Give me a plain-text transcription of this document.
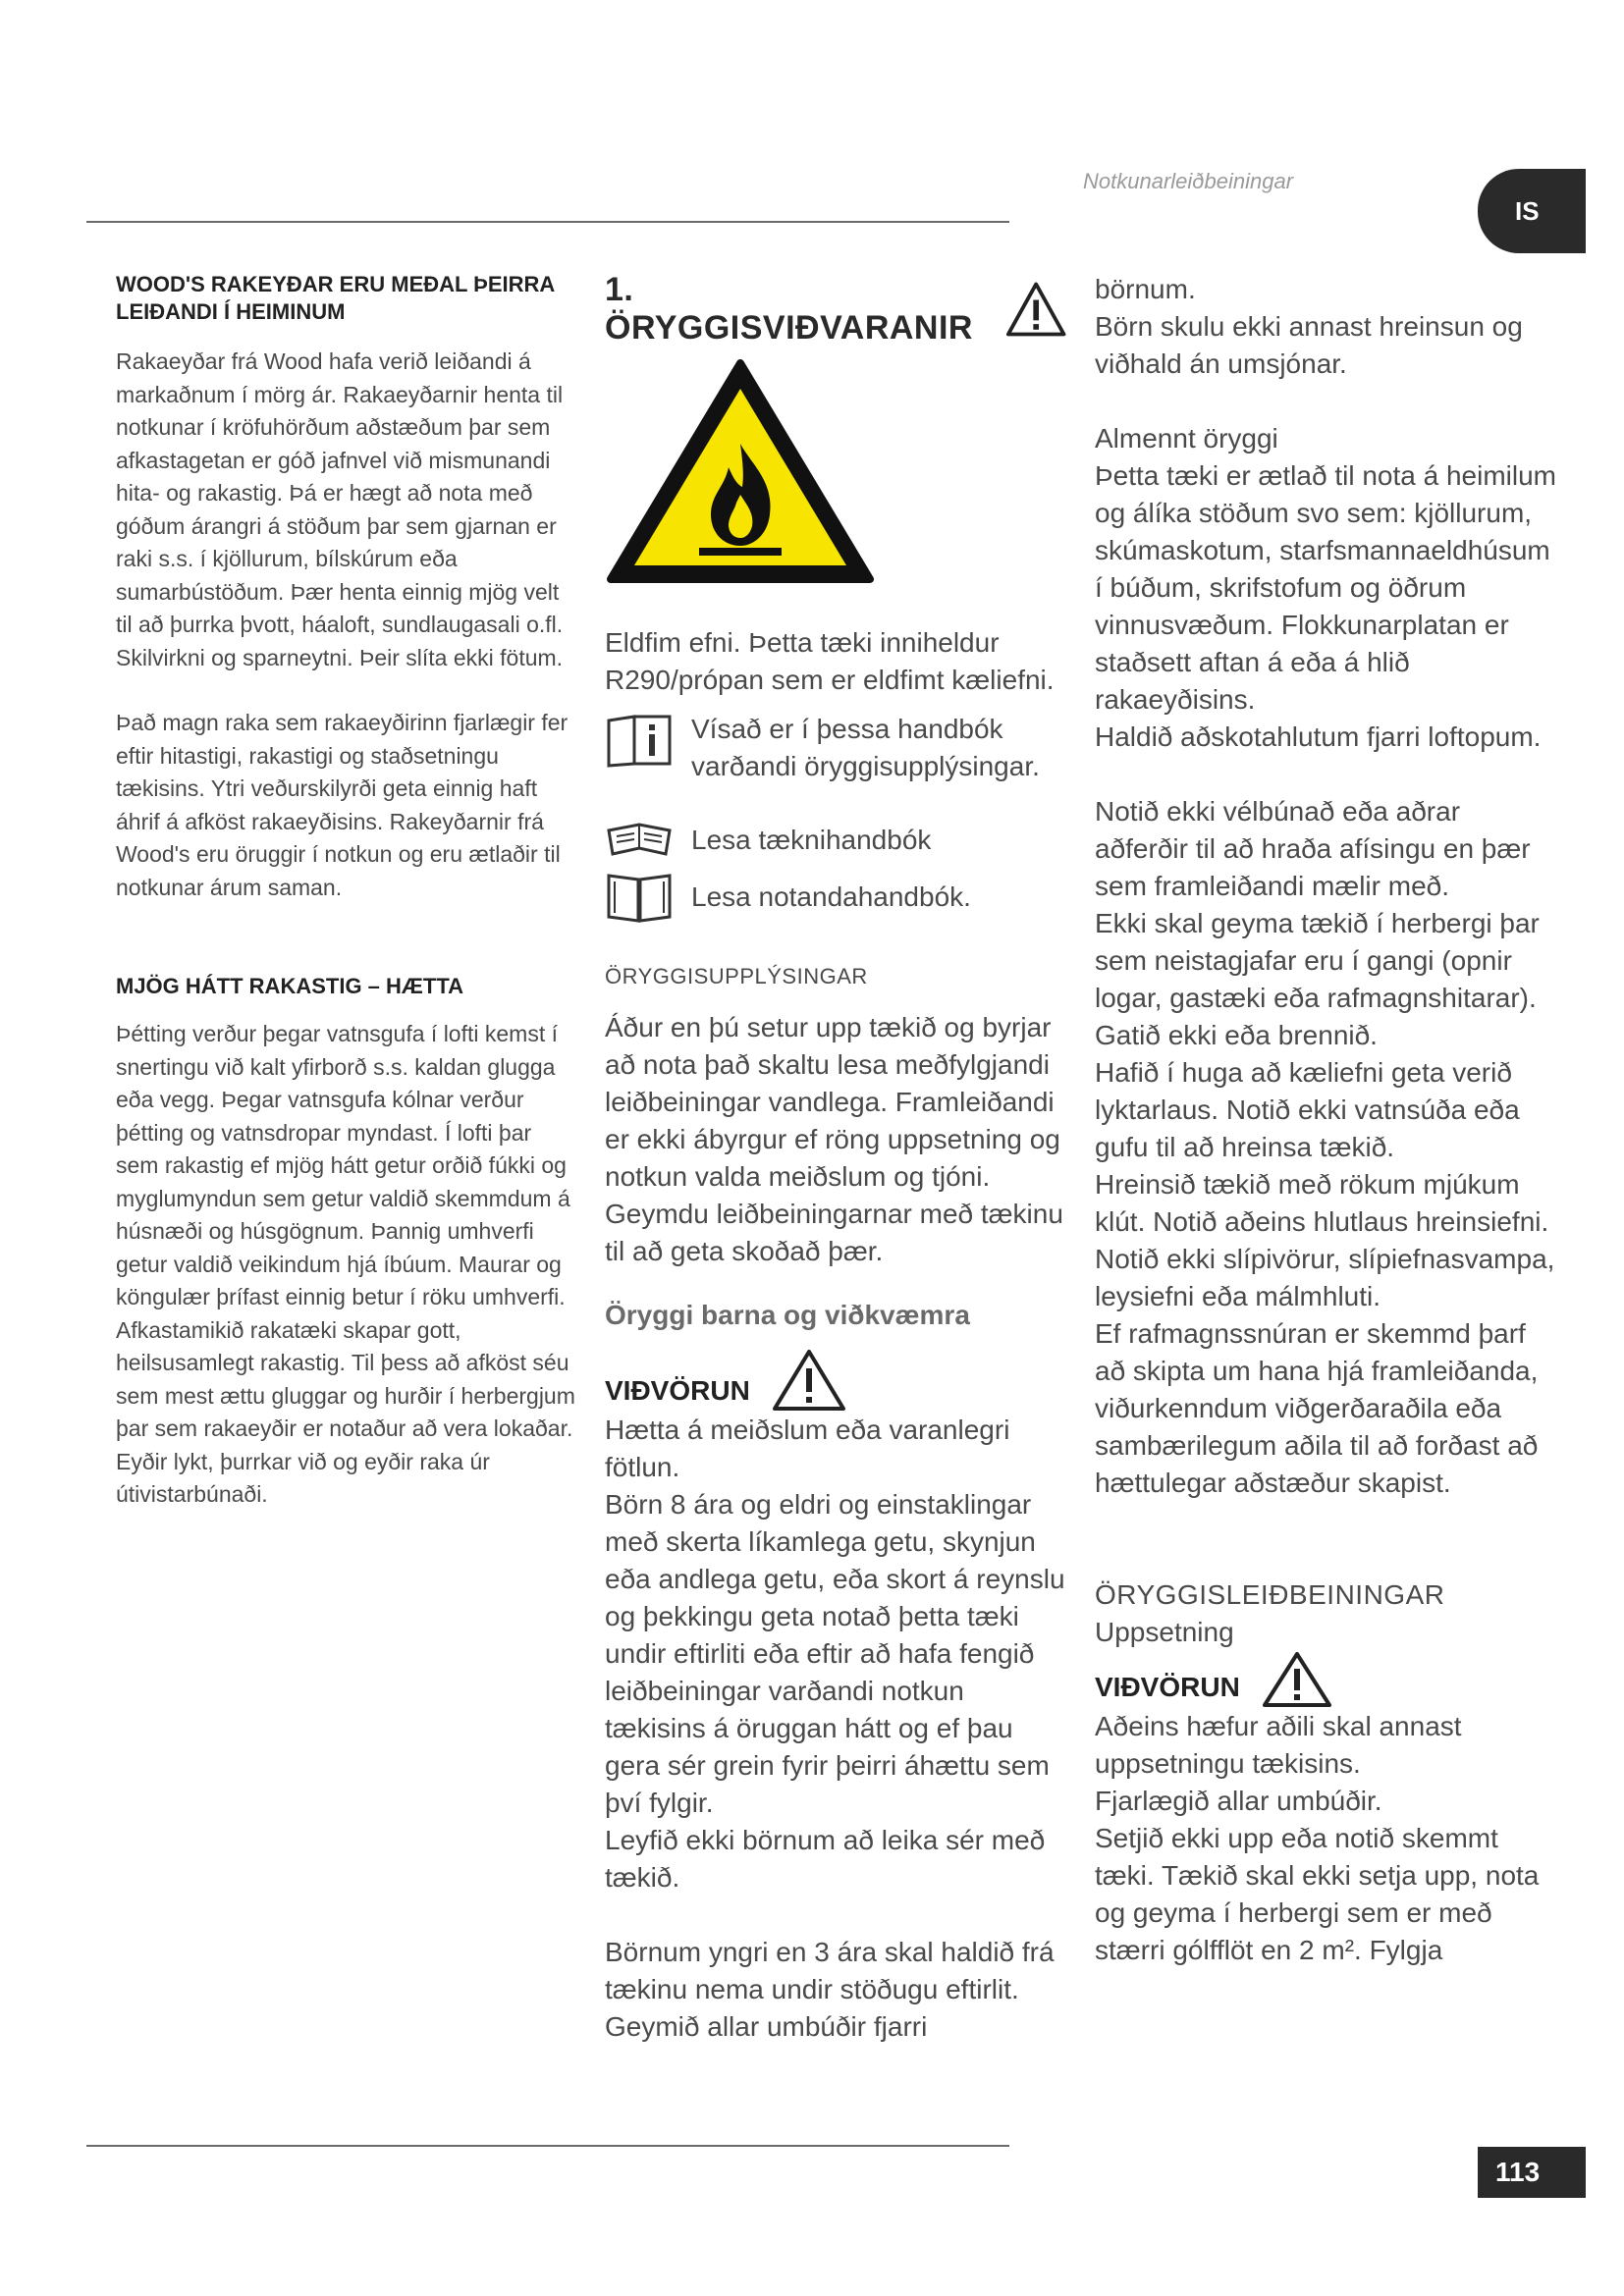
Notkunarleiðbeiningar
IS
WOOD'S RAKEYÐAR ERU MEÐAL ÞEIRRA LEIÐANDI Í HEIMINUM

Rakaeyðar frá Wood hafa verið leiðandi á markaðnum í mörg ár. Rakaeyðarnir henta til notkunar í kröfuhörðum aðstæðum þar sem afkastagetan er góð jafnvel við mismunandi hita- og rakastig. Þá er hægt að nota með góðum árangri á stöðum þar sem gjarnan er raki s.s. í kjöllurum, bílskúrum eða sumarbústöðum. Þær henta einnig mjög velt til að þurrka þvott, háaloft, sundlaugasali o.fl. Skilvirkni og sparneytni. Þeir slíta ekki fötum.

Það magn raka sem rakaeyðirinn fjarlægir fer eftir hitastigi, rakastigi og staðsetningu tækisins. Ytri veðurskilyrði geta einnig haft áhrif á afköst rakaeyðisins. Rakeyðarnir frá Wood's eru öruggir í notkun og eru ætlaðir til notkunar árum saman.

MJÖG HÁTT RAKASTIG – HÆTTA

Þétting verður þegar vatnsgufa í lofti kemst í snertingu við kalt yfirborð s.s. kaldan glugga eða vegg. Þegar vatnsgufa kólnar verður þétting og vatnsdropar myndast. Í lofti þar sem rakastig ef mjög hátt getur orðið fúkki og myglumyndun sem getur valdið skemmdum á húsnæði og húsgögnum. Þannig umhverfi getur valdið veikindum hjá íbúum. Maurar og köngulær þrífast einnig betur í röku umhverfi. Afkastamikið rakatæki skapar gott, heilsusamlegt rakastig. Til þess að afköst séu sem mest ættu gluggar og hurðir í herbergjum þar sem rakaeyðir er notaður að vera lokaðar. Eyðir lykt, þurrkar við og eyðir raka úr útivistarbúnaði.

1. ÖRYGGISVIÐVARANIR

Eldfim efni. Þetta tæki inniheldur R290/própan sem er eldfimt kæliefni.

Vísað er í þessa handbók varðandi öryggisupplýsingar.

Lesa tæknihandbók
Lesa notandahandbók.
ÖRYGGISUPPLÝSINGAR

Áður en þú setur upp tækið og byrjar að nota það skaltu lesa meðfylgjandi leiðbeiningar vandlega. Framleiðandi er ekki ábyrgur ef röng uppsetning og notkun valda meiðslum og tjóni. Geymdu leiðbeiningarnar með tækinu til að geta skoðað þær.

Öryggi barna og viðkvæmra
VIÐVÖRUN

Hætta á meiðslum eða varanlegri fötlun.

Börn 8 ára og eldri og einstaklingar með skerta líkamlega getu, skynjun eða andlega getu, eða skort á reynslu og þekkingu geta notað þetta tæki undir eftirliti eða eftir að hafa fengið leiðbeiningar varðandi notkun tækisins á öruggan hátt og ef þau gera sér grein fyrir þeirri áhættu sem því fylgir.

Leyfið ekki börnum að leika sér með tækið.

Börnum yngri en 3 ára skal haldið frá tækinu nema undir stöðugu eftirlit.

Geymið allar umbúðir fjarri

börnum.

Börn skulu ekki annast hreinsun og viðhald án umsjónar.

Almennt öryggi

Þetta tæki er ætlað til nota á heimilum og álíka stöðum svo sem: kjöllurum, skúmaskotum, starfsmannaeldhúsum í búðum, skrifstofum og öðrum vinnusvæðum. Flokkunarplatan er staðsett aftan á eða á hlið rakaeyðisins.

Haldið aðskotahlutum fjarri loftopum.

Notið ekki vélbúnað eða aðrar aðferðir til að hraða afísingu en þær sem framleiðandi mælir með.

Ekki skal geyma tækið í herbergi þar sem neistagjafar eru í gangi (opnir logar, gastæki eða rafmagnshitarar). Gatið ekki eða brennið.

Hafið í huga að kæliefni geta verið lyktarlaus. Notið ekki vatnsúða eða gufu til að hreinsa tækið.

Hreinsið tækið með rökum mjúkum klút. Notið aðeins hlutlaus hreinsiefni. Notið ekki slípivörur, slípiefnasvampa, leysiefni eða málmhluti.

Ef rafmagnssnúran er skemmd þarf að skipta um hana hjá framleiðanda, viðurkenndum viðgerðaraðila eða sambærilegum aðila til að forðast að hættulegar aðstæður skapist.

ÖRYGGISLEIÐBEININGAR
Uppsetning
VIÐVÖRUN

Aðeins hæfur aðili skal annast uppsetningu tækisins.

Fjarlægið allar umbúðir.

Setjið ekki upp eða notið skemmt tæki. Tækið skal ekki setja upp, nota og geyma í herbergi sem er með stærri gólfflöt en 2 m². Fylgja

113
